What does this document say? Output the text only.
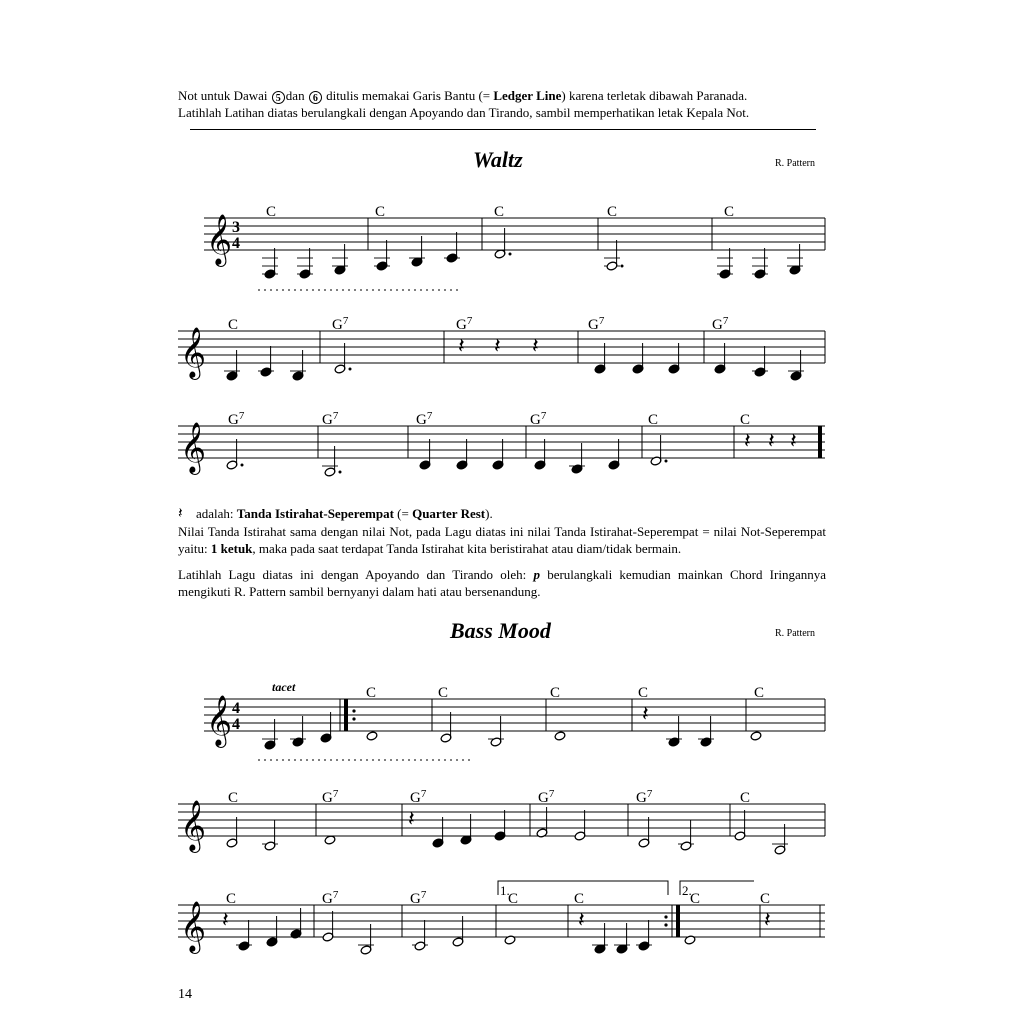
Not untuk Dawai 5 dan 6 ditulis memakai Garis Bantu (= Ledger Line) karena terletak dibawah Paranada.
Latihlah Latihan diatas berulangkali dengan Apoyando dan Tirando, sambil memperhatikan letak Kepala Not.
Waltz	R. Pattern
Bass Mood	R. Pattern
tacet
𝄽 adalah: Tanda Istirahat-Seperempat (= Quarter Rest).
Nilai Tanda Istirahat sama dengan nilai Not, pada Lagu diatas ini nilai Tanda Istirahat-Seperempat = nilai Not-Seperempat yaitu: 1 ketuk, maka pada saat terdapat Tanda Istirahat kita beristirahat atau diam/tidak bermain.
Latihlah Lagu diatas ini dengan Apoyando dan Tirando oleh: p berulangkali kemudian mainkan Chord Iringannya mengikuti R. Pattern sambil bernyanyi dalam hati atau bersenandung.
14
𝄞 3
4
C	C	C	C	C
𝄞
C	$G^7$	$G^7$	$G^7$	$G^7$
𝄽 𝄽 𝄽
𝄞
$G^7$	$G^7$	$G^7$	$G^7$	C	C
𝄽 𝄽 𝄽
𝄞 4
4
C	C	C	C	C
𝄽
𝄞
C	$G^7$	$G^7$	$G^7$	$G^7$	C
𝄽
𝄞
C	$G^7$	$G^7$	C	C	C	C
1.	2.
𝄽	𝄽	𝄽
